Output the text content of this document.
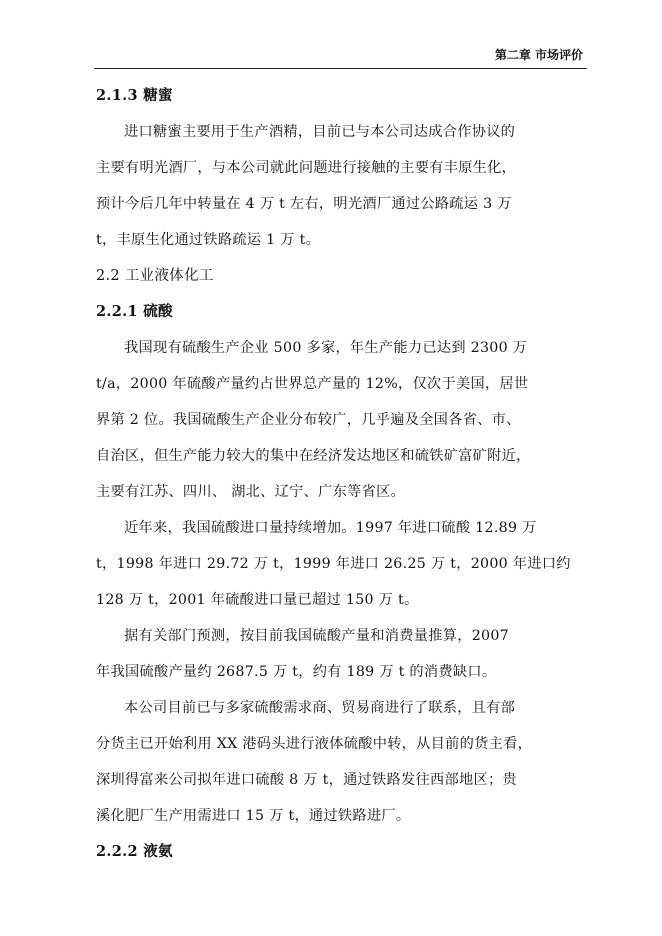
第二章 市场评价
2.1.3 糖蜜
进口糖蜜主要用于生产酒精，目前已与本公司达成合作协议的
主要有明光酒厂，与本公司就此问题进行接触的主要有丰原生化，
预计今后几年中转量在 4 万 t 左右，明光酒厂通过公路疏运 3 万
t，丰原生化通过铁路疏运 1 万 t。
2.2 工业液体化工
2.2.1 硫酸
我国现有硫酸生产企业 500 多家，年生产能力已达到 2300 万
t/a，2000 年硫酸产量约占世界总产量的 12%，仅次于美国，居世
界第 2 位。我国硫酸生产企业分布较广，几乎遍及全国各省、市、
自治区，但生产能力较大的集中在经济发达地区和硫铁矿富矿附近，
主要有江苏、四川、 湖北、辽宁、广东等省区。
近年来，我国硫酸进口量持续增加。1997 年进口硫酸 12.89 万
t，1998 年进口 29.72 万 t，1999 年进口 26.25 万 t，2000 年进口约
128 万 t，2001 年硫酸进口量已超过 150 万 t。
据有关部门预测，按目前我国硫酸产量和消费量推算，2007
年我国硫酸产量约 2687.5 万 t，约有 189 万 t 的消费缺口。
本公司目前已与多家硫酸需求商、贸易商进行了联系，且有部
分货主已开始利用 XX 港码头进行液体硫酸中转，从目前的货主看，
深圳得富来公司拟年进口硫酸 8 万 t，通过铁路发往西部地区；贵
溪化肥厂生产用需进口 15 万 t，通过铁路进厂。
2.2.2 液氨
